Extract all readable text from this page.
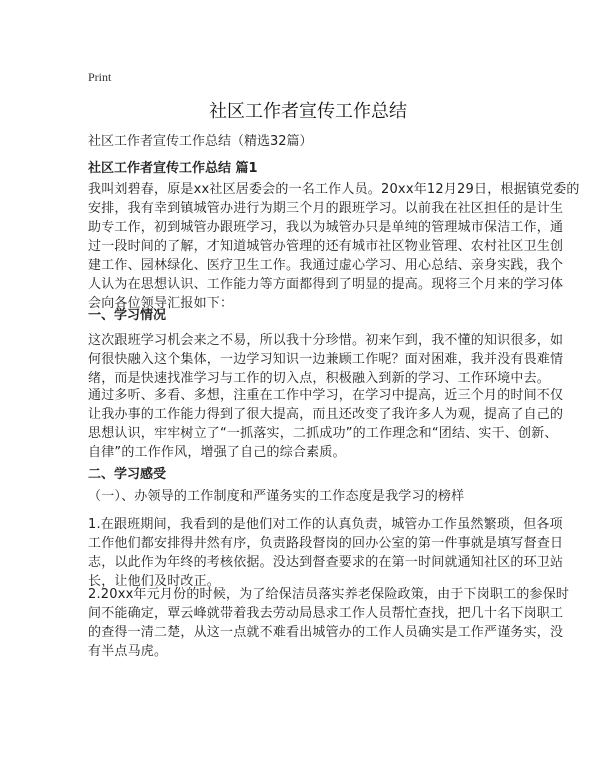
Print
社区工作者宣传工作总结
社区工作者宣传工作总结（精选32篇）
社区工作者宣传工作总结 篇1
我叫刘碧春，原是xx社区居委会的一名工作人员。20xx年12月29日，根据镇党委的
安排，我有幸到镇城管办进行为期三个月的跟班学习。以前我在社区担任的是计生
助专工作，初到城管办跟班学习，我以为城管办只是单纯的管理城市保洁工作，通
过一段时间的了解，才知道城管办管理的还有城市社区物业管理、农村社区卫生创
建工作、园林绿化、医疗卫生工作。我通过虚心学习、用心总结、亲身实践，我个
人认为在思想认识、工作能力等方面都得到了明显的提高。现将三个月来的学习体
会向各位领导汇报如下：
一、学习情况
这次跟班学习机会来之不易，所以我十分珍惜。初来乍到，我不懂的知识很多，如
何很快融入这个集体，一边学习知识一边兼顾工作呢？面对困难，我并没有畏难情
绪，而是快速找准学习与工作的切入点，积极融入到新的学习、工作环境中去。
通过多听、多看、多想，注重在工作中学习，在学习中提高，近三个月的时间不仅
让我办事的工作能力得到了很大提高，而且还改变了我许多人为观，提高了自己的
思想认识，牢牢树立了“一抓落实，二抓成功”的工作理念和“团结、实干、创新、
自律”的工作作风，增强了自己的综合素质。
二、学习感受
（一）、办领导的工作制度和严谨务实的工作态度是我学习的榜样
1.在跟班期间，我看到的是他们对工作的认真负责，城管办工作虽然繁琐，但各项
工作他们都安排得井然有序，负责路段督岗的回办公室的第一件事就是填写督查日
志，以此作为年终的考核依据。没达到督查要求的在第一时间就通知社区的环卫站
长，让他们及时改正。
2.20xx年元月份的时候，为了给保洁员落实养老保险政策，由于下岗职工的参保时
间不能确定，覃云峰就带着我去劳动局恳求工作人员帮忙查找，把几十名下岗职工
的查得一清二楚，从这一点就不难看出城管办的工作人员确实是工作严谨务实，没
有半点马虎。
